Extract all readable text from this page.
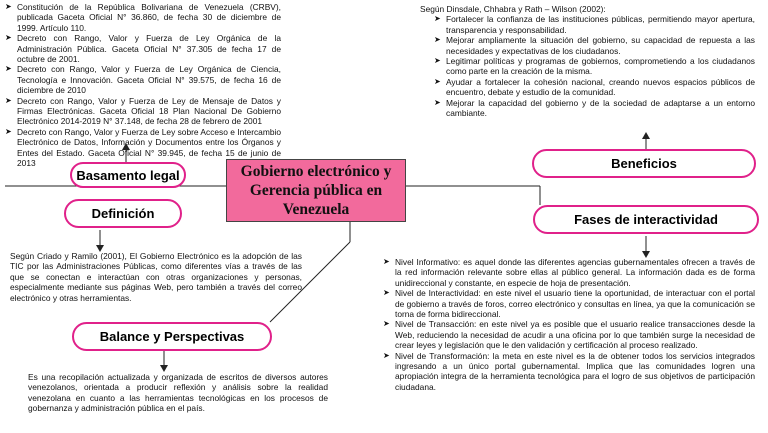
➤ Constitución de la República Bolivariana de Venezuela (CRBV), publicada Gaceta Oficial N° 36.860, de fecha 30 de diciembre de 1999. Artículo 110.
➤ Decreto con Rango, Valor y Fuerza de Ley Orgánica de la Administración Pública. Gaceta Oficial N° 37.305 de fecha 17 de octubre de 2001.
➤ Decreto con Rango, Valor y Fuerza de Ley Orgánica de Ciencia, Tecnología e Innovación. Gaceta Oficial N° 39.575, de fecha 16 de diciembre de 2010
➤ Decreto con Rango, Valor y Fuerza de Ley de Mensaje de Datos y Firmas Electrónicas. Gaceta Oficial 18 Plan Nacional De Gobierno Electrónico 2014-2019 N° 37.148, de fecha 28 de febrero de 2001
➤ Decreto con Rango, Valor y Fuerza de Ley sobre Acceso e Intercambio Electrónico de Datos, Información y Documentos entre los Órganos y Entes del Estado. Gaceta Oficial N° 39.945, de fecha 15 de junio de 2013
Según Dinsdale, Chhabra y Rath – Wilson (2002):
➤ Fortalecer la confianza de las instituciones públicas, permitiendo mayor apertura, transparencia y responsabilidad.
➤ Mejorar ampliamente la situación del gobierno, su capacidad de repuesta a las necesidades y expectativas de los ciudadanos.
➤ Legitimar políticas y programas de gobiernos, comprometiendo a los ciudadanos como parte en la creación de la misma.
➤ Ayudar a fortalecer la cohesión nacional, creando nuevos espacios públicos de encuentro, debate y estudio de la comunidad.
➤ Mejorar la capacidad del gobierno y de la sociedad de adaptarse a un entorno cambiante.
Basamento legal
Definición
Balance y Perspectivas
Beneficios
Fases de interactividad
Gobierno electrónico y Gerencia pública en Venezuela
Según Criado y Ramilo (2001), El Gobierno Electrónico es la adopción de las TIC por las Administraciones Públicas, como diferentes vías a través de las que se conectan e interactúan con otras organizaciones y personas, especialmente mediante sus páginas Web, pero también a través del correo electrónico y otras herramientas.
Es una recopilación actualizada y organizada de escritos de diversos autores venezolanos, orientada a producir reflexión y análisis sobre la realidad venezolana en cuanto a las herramientas tecnológicas en los procesos de gobernanza y administración pública en el país.
➤ Nivel Informativo: es aquel donde las diferentes agencias gubernamentales ofrecen a través de la red información relevante sobre ellas al público general. La información dada es de forma unidireccional y constante, en especie de hoja de presentación.
➤ Nivel de Interactividad: en este nivel el usuario tiene la oportunidad, de interactuar con el portal de gobierno a través de foros, correo electrónico y consultas en línea, ya que la comunicación se torna de forma bidireccional.
➤ Nivel de Transacción: en este nivel ya es posible que el usuario realice transacciones desde la Web, reduciendo la necesidad de acudir a una oficina por lo que también surge la necesidad de crear leyes y legislación que le den validación y certificación al proceso realizado.
➤ Nivel de Transformación: la meta en este nivel es la de obtener todos los servicios integrados ingresando a un único portal gubernamental. Implica que las comunidades logren una apropiación integra de la herramienta tecnológica para el logro de sus objetivos de participación ciudadana.
